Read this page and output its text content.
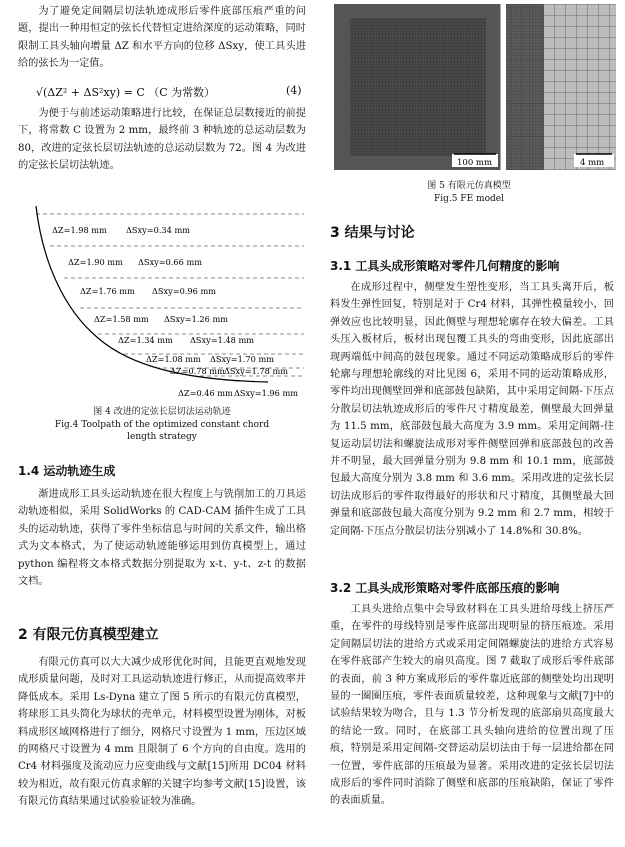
为了避免定间隔层切法轨迹成形后零件底部压痕严重的问题，提出一种用恒定的弦长代替恒定进给深度的运动策略，同时限制工具头轴向增量 ΔZ 和水平方向的位移 ΔSxy，使工具头进给的弦长为一定值。

√(ΔZ² + ΔS²xy) = C （C 为常数）	(4)

为便于与前述运动策略进行比较，在保证总层数接近的前提下，将常数 C 设置为 2 mm，最终前 3 种轨迹的总运动层数为 80，改进的定弦长层切法轨迹的总运动层数为 72。图 4 为改进的定弦长层切法轨迹。

ΔZ=1.98 mm ΔSxy=0.34 mm
ΔZ=1.90 mm ΔSxy=0.66 mm
ΔZ=1.76 mm ΔSxy=0.96 mm
ΔZ=1.58 mm ΔSxy=1.26 mm
ΔZ=1.34 mm ΔSxy=1.48 mm
ΔZ=1.08 mm ΔSxy=1.70 mm
ΔZ=0.78 mm ΔSxy=1.78 mm
ΔZ=0.46 mm ΔSxy=1.96 mm
图 4 改进的定弦长层切法运动轨迹
Fig.4 Toolpath of the optimized constant chord
length strategy
1.4 运动轨迹生成

渐进成形工具头运动轨迹在很大程度上与铣削加工的刀具运动轨迹相似，采用 SolidWorks 的 CAD-CAM 插件生成了工具头的运动轨迹，获得了零件坐标信息与时间的关系文件，输出格式为文本格式，为了使运动轨迹能够运用到仿真模型上，通过 python 编程将文本格式数据分别提取为 x-t、y-t、z-t 的数据文档。

2 有限元仿真模型建立

有限元仿真可以大大减少成形优化时间，且能更直观地发现成形质量问题，及时对工具运动轨迹进行修正，从而提高效率并降低成本。采用 Ls-Dyna 建立了图 5 所示的有限元仿真模型，将球形工具头简化为球状的壳单元，材料模型设置为刚体，对板料成形区域网格进行了细分，网格尺寸设置为 1 mm，压边区域的网格尺寸设置为 4 mm 且限制了 6 个方向的自由度。选用的 Cr4 材料强度及流动应力应变曲线与文献[15]所用 DC04 材料较为相近，故有限元仿真求解的关键字均参考文献[15]设置，该有限元仿真结果通过试验验证较为准确。

100 mm	4 mm
图 5 有限元仿真模型
Fig.5 FE model
3 结果与讨论
3.1 工具头成形策略对零件几何精度的影响

在成形过程中，侧壁发生塑性变形，当工具头离开后，板料发生弹性回复，特别是对于 Cr4 材料，其弹性模量较小，回弹效应也比较明显，因此侧壁与理想轮廓存在较大偏差。工具头压入板材后，板材出现包覆工具头的弯曲变形，因此底部出现两端低中间高的鼓包现象。通过不同运动策略成形后的零件轮廓与理想轮廓线的对比见图 6，采用不同的运动策略成形，零件均出现侧壁回弹和底部鼓包缺陷，其中采用定间隔-下压点分散层切法轨迹成形后的零件尺寸精度最差，侧壁最大回弹量为 11.5 mm，底部鼓包最大高度为 3.9 mm。采用定间隔-往复运动层切法和螺旋法成形对零件侧壁回弹和底部鼓包的改善并不明显，最大回弹量分别为 9.8 mm 和 10.1 mm，底部鼓包最大高度分别为 3.8 mm 和 3.6 mm。采用改进的定弦长层切法成形后的零件取得最好的形状和尺寸精度，其侧壁最大回弹量和底部鼓包最大高度分别为 9.2 mm 和 2.7 mm，相较于定间隔-下压点分散层切法分别减小了 14.8%和 30.8%。

3.2 工具头成形策略对零件底部压痕的影响

工具头进给点集中会导致材料在工具头进给母线上挤压严重，在零件的母线特别是零件底部出现明显的挤压痕迹。采用定间隔层切法的进给方式或采用定间隔螺旋法的进给方式容易在零件底部产生较大的扇贝高度。图 7 截取了成形后零件底部的表面，前 3 种方案成形后的零件靠近底部的侧壁处均出现明显的一圈圈压痕，零件表面质量较差，这种现象与文献[7]中的试验结果较为吻合，且与 1.3 节分析发现的底部扇贝高度最大的结论一致。同时，在底部工具头轴向进给的位置出现了压痕，特别是采用定间隔-交替运动层切法由于每一层进给都在同一位置，零件底部的压痕最为显著。采用改进的定弦长层切法成形后的零件同时消除了侧壁和底部的压痕缺陷，保证了零件的表面质量。
